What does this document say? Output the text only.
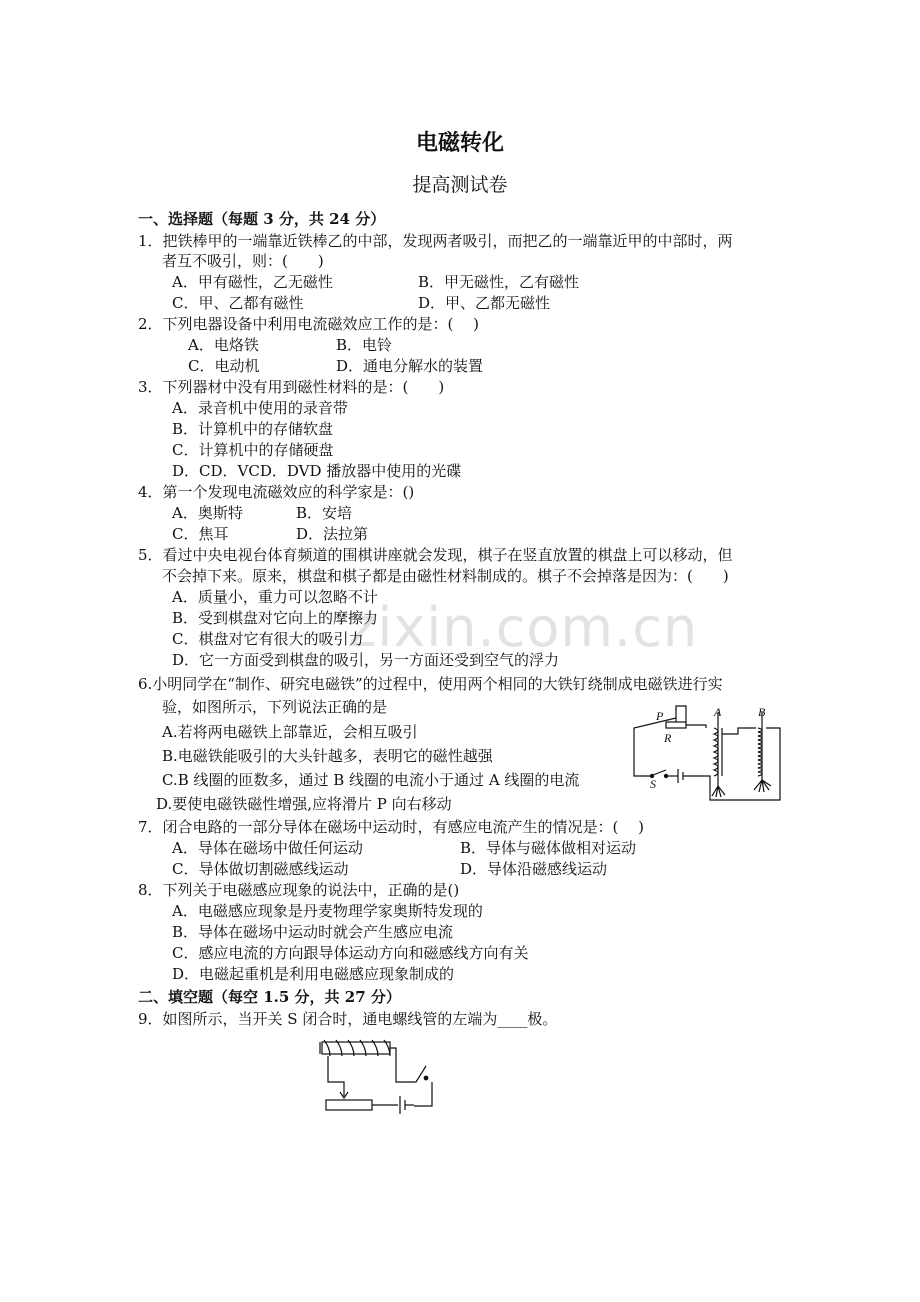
zixin.com.cn
电磁转化
提高测试卷
一、选择题（每题 3 分，共 24 分）
1．把铁棒甲的一端靠近铁棒乙的中部，发现两者吸引，而把乙的一端靠近甲的中部时，两
者互不吸引，则：(　　)
A．甲有磁性，乙无磁性	B．甲无磁性，乙有磁性
C．甲、乙都有磁性	D．甲、乙都无磁性
2．下列电器设备中利用电流磁效应工作的是：(　 )
A．电烙铁	B．电铃
C．电动机	D．通电分解水的装置
3．下列器材中没有用到磁性材料的是：(　　)
A．录音机中使用的录音带
B．计算机中的存储软盘
C．计算机中的存储硬盘
D．CD．VCD．DVD 播放器中使用的光碟
4．第一个发现电流磁效应的科学家是：()
A．奥斯特	B．安培
C．焦耳	D．法拉第
5．看过中央电视台体育频道的围棋讲座就会发现，棋子在竖直放置的棋盘上可以移动，但
不会掉下来。原来，棋盘和棋子都是由磁性材料制成的。棋子不会掉落是因为：(　　)
A．质量小，重力可以忽略不计
B．受到棋盘对它向上的摩擦力
C．棋盘对它有很大的吸引力
D．它一方面受到棋盘的吸引，另一方面还受到空气的浮力
6.小明同学在“制作、研究电磁铁”的过程中，使用两个相同的大铁钉绕制成电磁铁进行实
验，如图所示，下列说法正确的是
A.若将两电磁铁上部靠近，会相互吸引
B.电磁铁能吸引的大头针越多，表明它的磁性越强
C.B 线圈的匝数多，通过 B 线圈的电流小于通过 A 线圈的电流
D.要使电磁铁磁性增强,应将滑片 P 向右移动
P
R
A	B
S
7．闭合电路的一部分导体在磁场中运动时，有感应电流产生的情况是：(　 )
A．导体在磁场中做任何运动	B．导体与磁体做相对运动
C．导体做切割磁感线运动	D．导体沿磁感线运动
8．下列关于电磁感应现象的说法中，正确的是()
A．电磁感应现象是丹麦物理学家奥斯特发现的
B．导体在磁场中运动时就会产生感应电流
C．感应电流的方向跟导体运动方向和磁感线方向有关
D．电磁起重机是利用电磁感应现象制成的
二、填空题（每空 1.5 分，共 27 分）
9．如图所示，当开关 S 闭合时，通电螺线管的左端为____极。
